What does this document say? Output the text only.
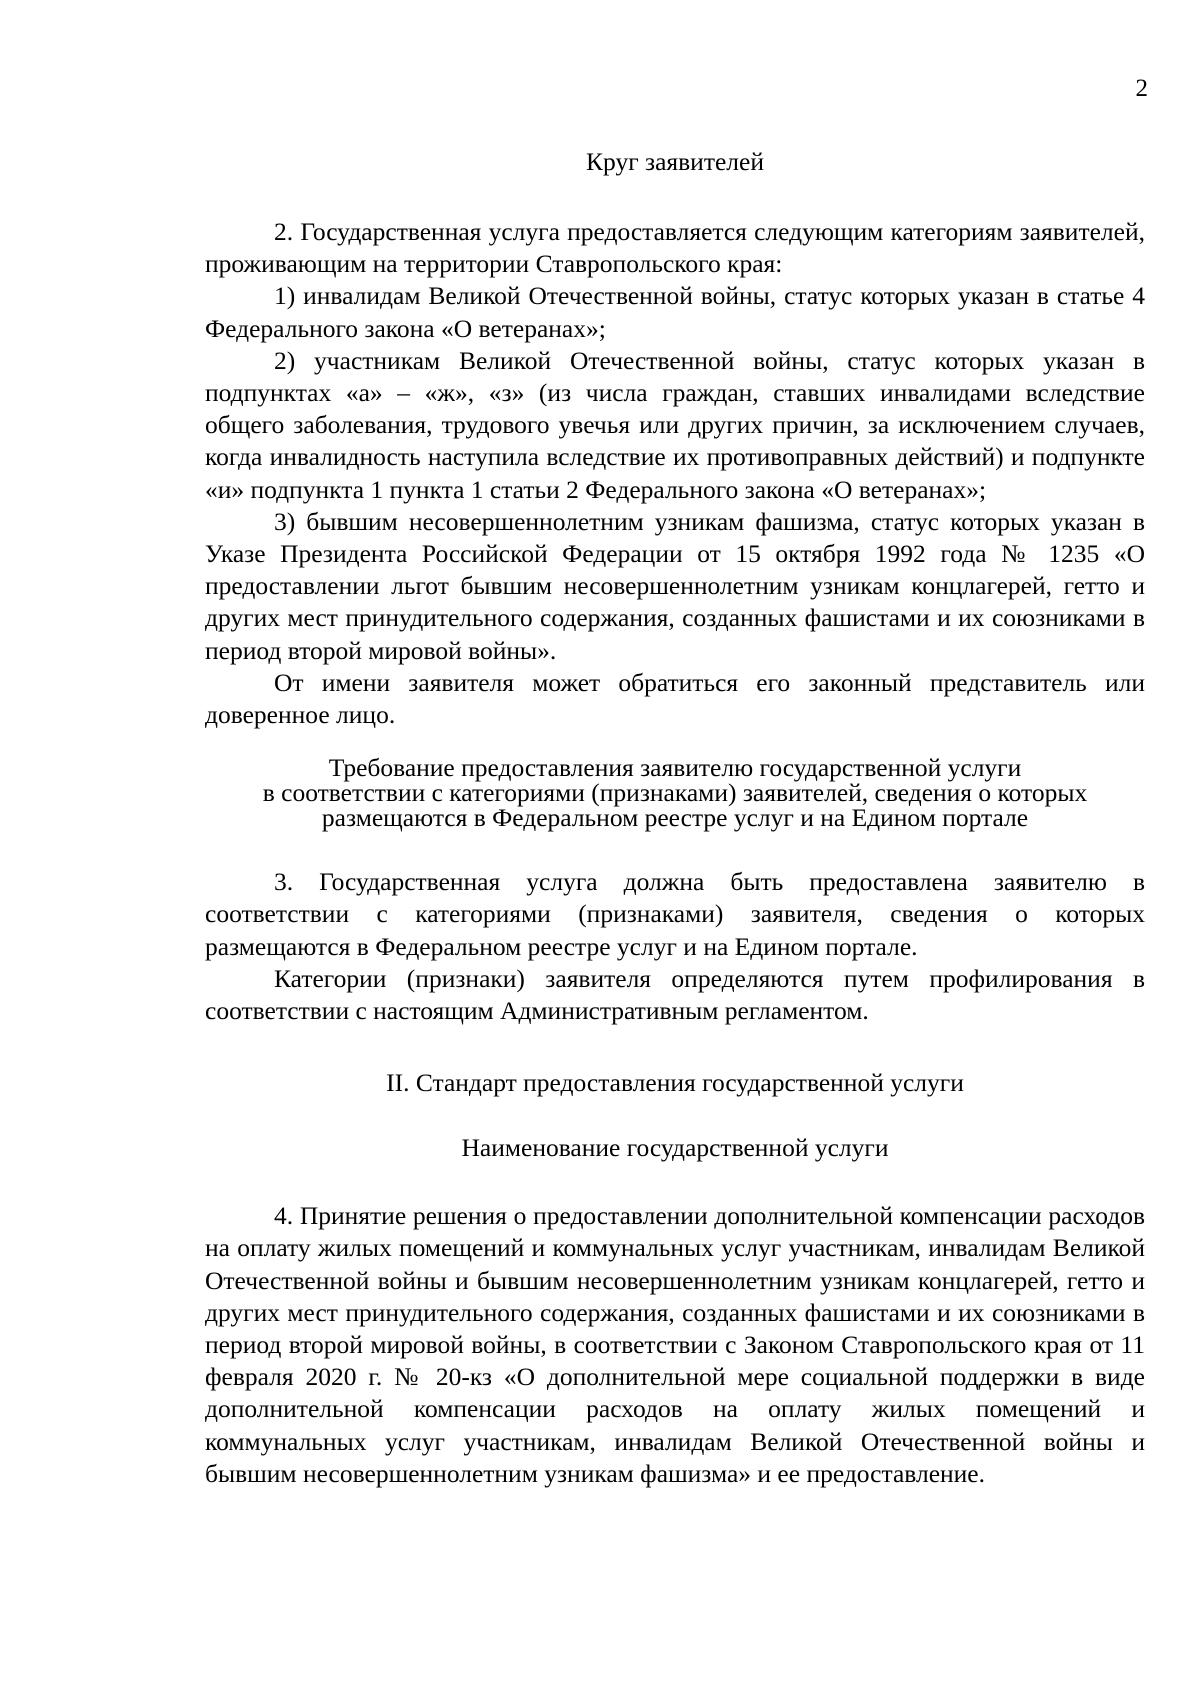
2
Круг заявителей

2. Государственная услуга предоставляется следующим категориям заявителей, проживающим на территории Ставропольского края:

1) инвалидам Великой Отечественной войны, статус которых указан в статье 4 Федерального закона «О ветеранах»;

2) участникам Великой Отечественной войны, статус которых указан в подпунктах «а» – «ж», «з» (из числа граждан, ставших инвалидами вследствие общего заболевания, трудового увечья или других причин, за исключением случаев, когда инвалидность наступила вследствие их противоправных действий) и подпункте «и» подпункта 1 пункта 1 статьи 2 Федерального закона «О ветеранах»;

3) бывшим несовершеннолетним узникам фашизма, статус которых указан в Указе Президента Российской Федерации от 15 октября 1992 года № 1235 «О предоставлении льгот бывшим несовершеннолетним узникам концлагерей, гетто и других мест принудительного содержания, созданных фашистами и их союзниками в период второй мировой войны».

От имени заявителя может обратиться его законный представитель или доверенное лицо.

Требование предоставления заявителю государственной услуги
в соответствии с категориями (признаками) заявителей, сведения о которых
размещаются в Федеральном реестре услуг и на Едином портале

3. Государственная услуга должна быть предоставлена заявителю в соответствии с категориями (признаками) заявителя, сведения о которых размещаются в Федеральном реестре услуг и на Едином портале.

Категории (признаки) заявителя определяются путем профилирования в соответствии с настоящим Административным регламентом.

II. Стандарт предоставления государственной услуги
Наименование государственной услуги

4. Принятие решения о предоставлении дополнительной компенсации расходов на оплату жилых помещений и коммунальных услуг участникам, инвалидам Великой Отечественной войны и бывшим несовершеннолетним узникам концлагерей, гетто и других мест принудительного содержания, созданных фашистами и их союзниками в период второй мировой войны, в соответствии с Законом Ставропольского края от 11 февраля 2020 г. № 20-кз «О дополнительной мере социальной поддержки в виде дополнительной компенсации расходов на оплату жилых помещений и коммунальных услуг участникам, инвалидам Великой Отечественной войны и бывшим несовершеннолетним узникам фашизма» и ее предоставление.
